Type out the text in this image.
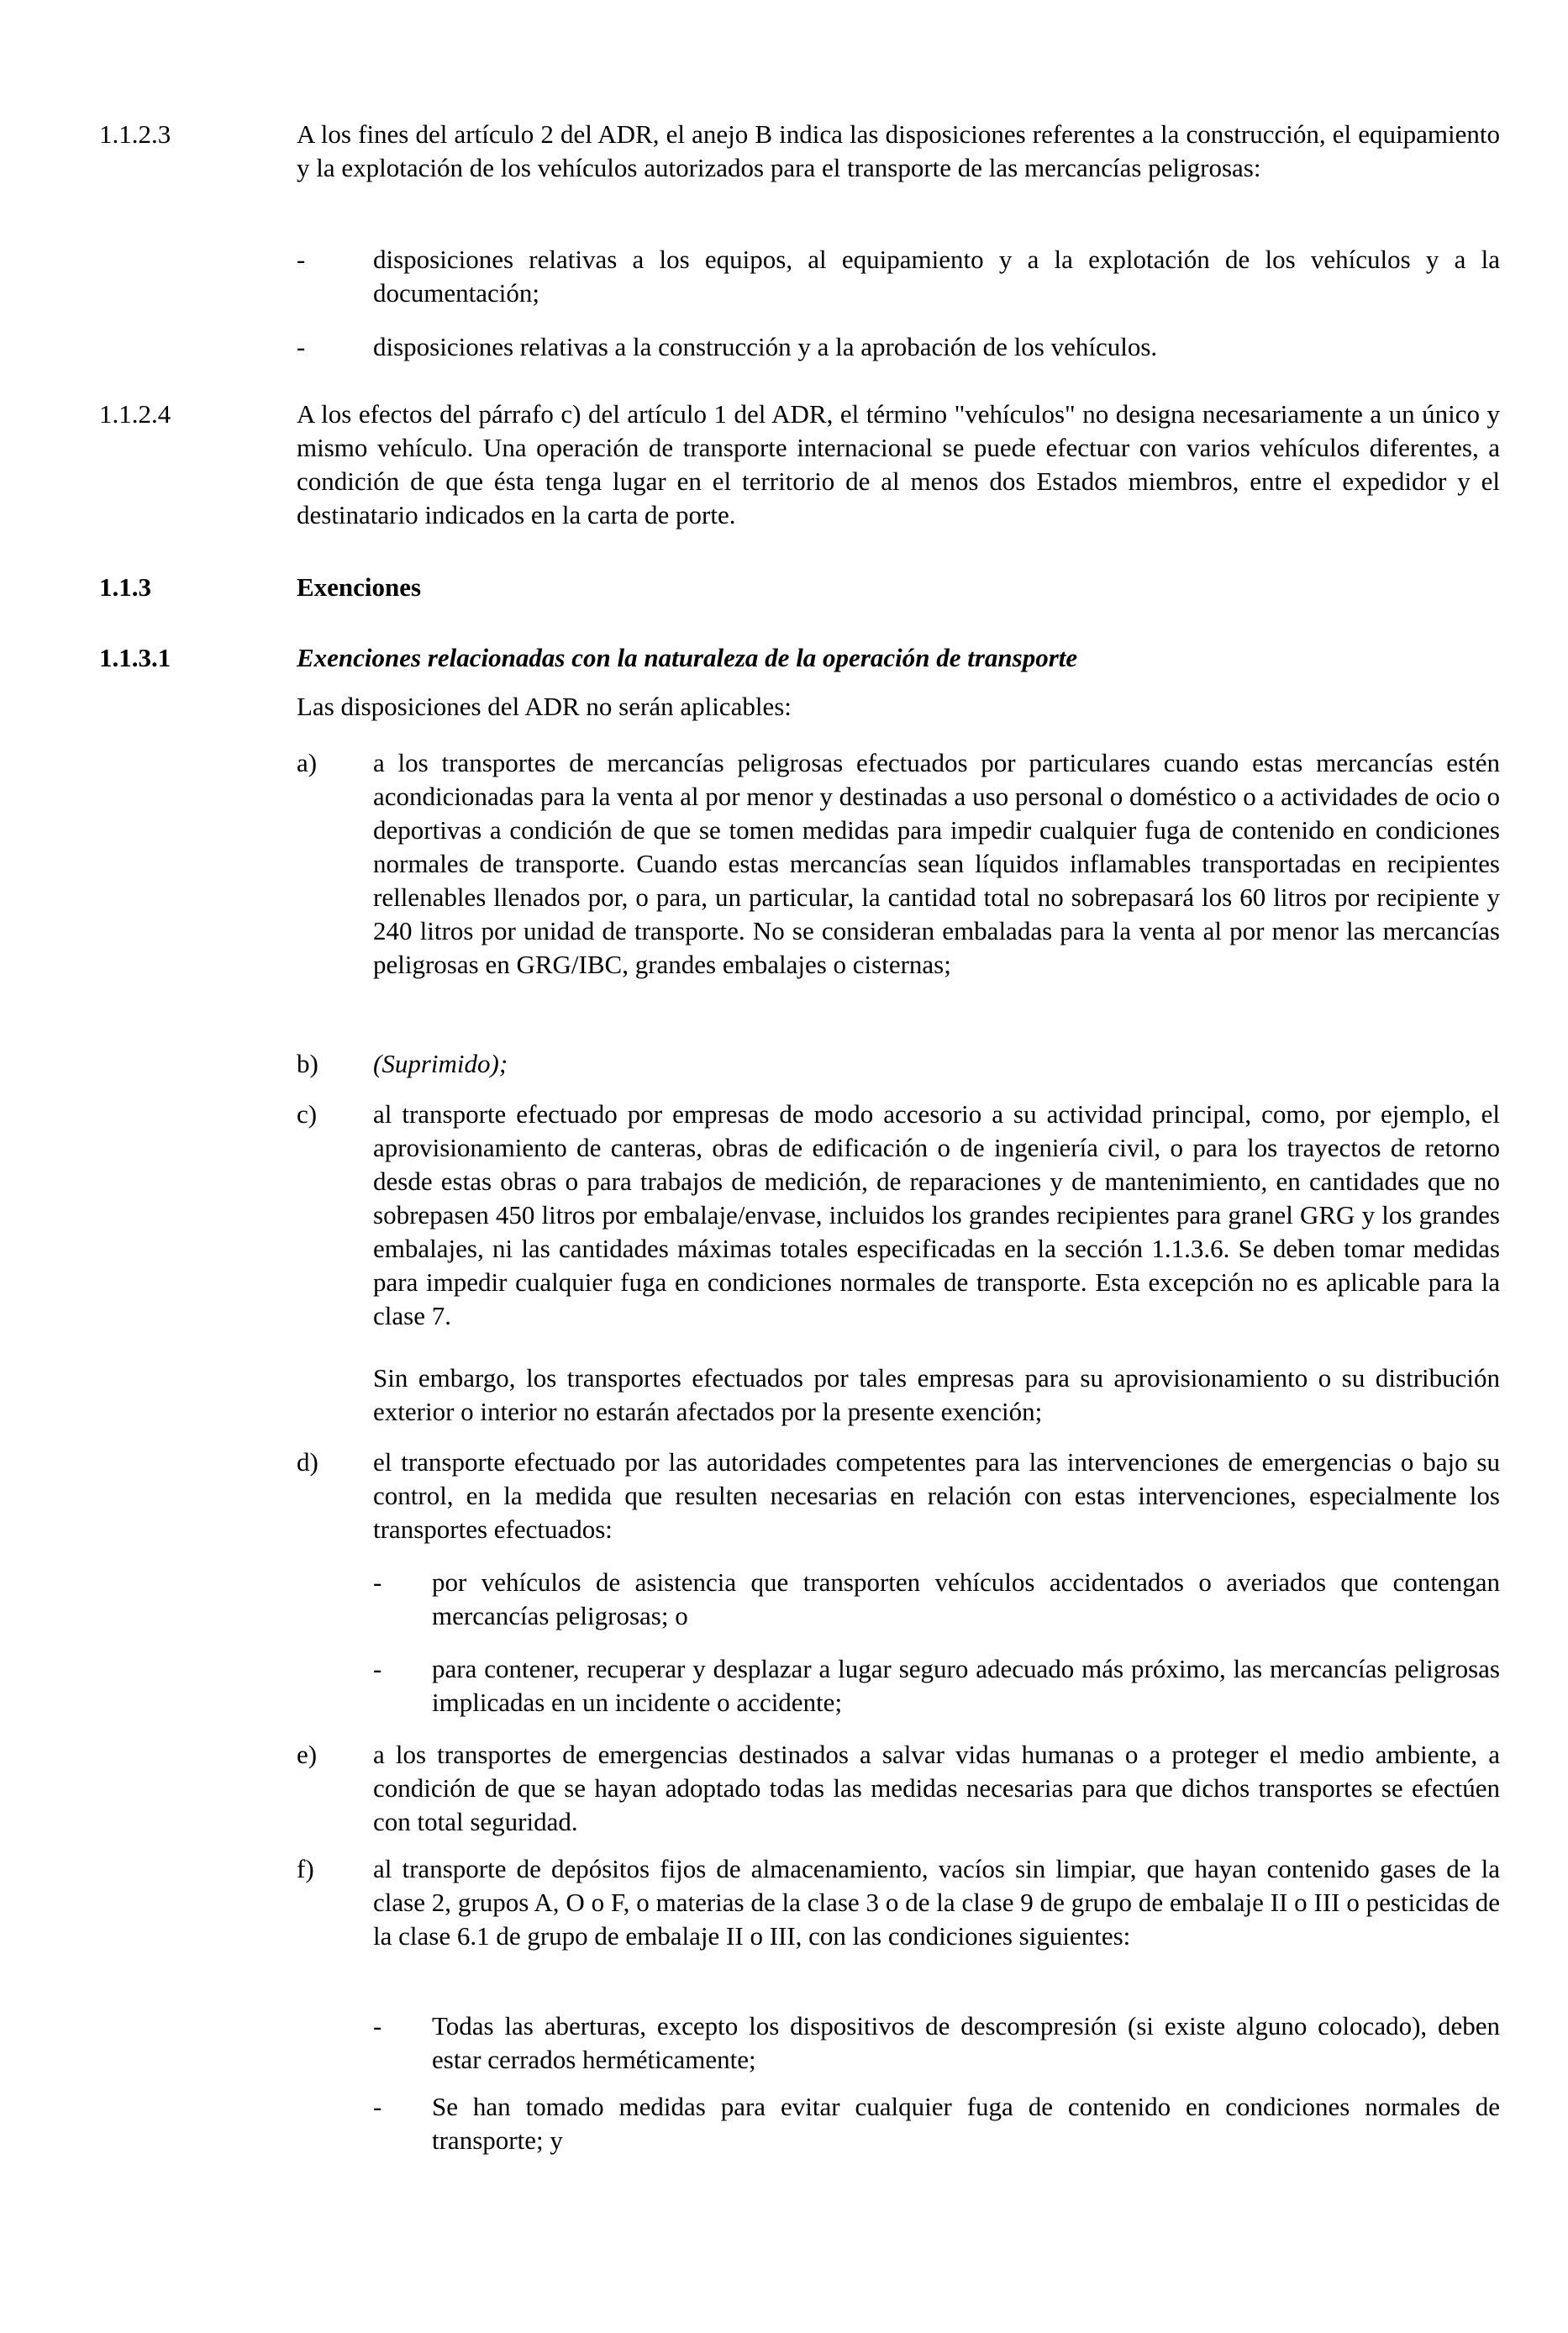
1.1.2.3	A los fines del artículo 2 del ADR, el anejo B indica las disposiciones referentes a la construcción, el equipamiento y la explotación de los vehículos autorizados para el transporte de las mercancías peligrosas:

-	disposiciones relativas a los equipos, al equipamiento y a la explotación de los vehículos y a la documentación;

-	disposiciones relativas a la construcción y a la aprobación de los vehículos.

1.1.2.4	A los efectos del párrafo c) del artículo 1 del ADR, el término "vehículos" no designa necesariamente a un único y mismo vehículo. Una operación de transporte internacional se puede efectuar con varios vehículos diferentes, a condición de que ésta tenga lugar en el territorio de al menos dos Estados miembros, entre el expedidor y el destinatario indicados en la carta de porte.

1.1.3	Exenciones

1.1.3.1	Exenciones relacionadas con la naturaleza de la operación de transporte

Las disposiciones del ADR no serán aplicables:

a) a los transportes de mercancías peligrosas efectuados por particulares cuando estas mercancías estén acondicionadas para la venta al por menor y destinadas a uso personal o doméstico o a actividades de ocio o deportivas a condición de que se tomen medidas para impedir cualquier fuga de contenido en condiciones normales de transporte. Cuando estas mercancías sean líquidos inflamables transportadas en recipientes rellenables llenados por, o para, un particular, la cantidad total no sobrepasará los 60 litros por recipiente y 240 litros por unidad de transporte. No se consideran embaladas para la venta al por menor las mercancías peligrosas en GRG/IBC, grandes embalajes o cisternas;

b) (Suprimido);

c) al transporte efectuado por empresas de modo accesorio a su actividad principal, como, por ejemplo, el aprovisionamiento de canteras, obras de edificación o de ingeniería civil, o para los trayectos de retorno desde estas obras o para trabajos de medición, de reparaciones y de mantenimiento, en cantidades que no sobrepasen 450 litros por embalaje/envase, incluidos los grandes recipientes para granel GRG y los grandes embalajes, ni las cantidades máximas totales especificadas en la sección 1.1.3.6. Se deben tomar medidas para impedir cualquier fuga en condiciones normales de transporte. Esta excepción no es aplicable para la clase 7.

Sin embargo, los transportes efectuados por tales empresas para su aprovisionamiento o su distribución exterior o interior no estarán afectados por la presente exención;

d) el transporte efectuado por las autoridades competentes para las intervenciones de emergencias o bajo su control, en la medida que resulten necesarias en relación con estas intervenciones, especialmente los transportes efectuados:

- por vehículos de asistencia que transporten vehículos accidentados o averiados que contengan mercancías peligrosas; o

- para contener, recuperar y desplazar a lugar seguro adecuado más próximo, las mercancías peligrosas implicadas en un incidente o accidente;

e) a los transportes de emergencias destinados a salvar vidas humanas o a proteger el medio ambiente, a condición de que se hayan adoptado todas las medidas necesarias para que dichos transportes se efectúen con total seguridad.

f) al transporte de depósitos fijos de almacenamiento, vacíos sin limpiar, que hayan contenido gases de la clase 2, grupos A, O o F, o materias de la clase 3 o de la clase 9 de grupo de embalaje II o III o pesticidas de la clase 6.1 de grupo de embalaje II o III, con las condiciones siguientes:

- Todas las aberturas, excepto los dispositivos de descompresión (si existe alguno colocado), deben estar cerrados herméticamente;

- Se han tomado medidas para evitar cualquier fuga de contenido en condiciones normales de transporte; y
